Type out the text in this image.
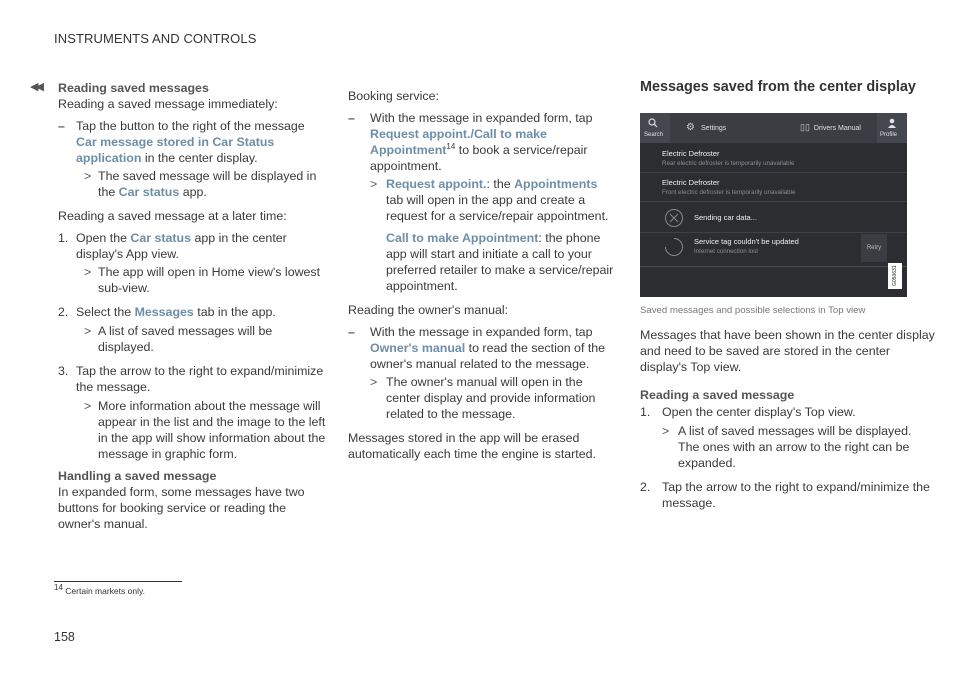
INSTRUMENTS AND CONTROLS
◀◀ Reading saved messages

Reading a saved message immediately:

– Tap the button to the right of the message Car message stored in Car Status application in the center display.
> The saved message will be displayed in the Car status app.

Reading a saved message at a later time:

1. Open the Car status app in the center display's App view.
> The app will open in Home view's lowest sub-view.
2. Select the Messages tab in the app.
> A list of saved messages will be displayed.
3. Tap the arrow to the right to expand/minimize the message.
> More information about the message will appear in the list and the image to the left in the app will show information about the message in graphic form.

Handling a saved message

In expanded form, some messages have two buttons for booking service or reading the owner's manual.

Booking service:

– With the message in expanded form, tap Request appoint./Call to make Appointment$^{14}$ to book a service/repair appointment.
> Request appoint.: the Appointments tab will open in the app and create a request for a service/repair appointment.
Call to make Appointment: the phone app will start and initiate a call to your preferred retailer to make a service/repair appointment.

Reading the owner's manual:

– With the message in expanded form, tap Owner's manual to read the section of the owner's manual related to the message.
> The owner's manual will open in the center display and provide information related to the message.

Messages stored in the app will be erased automatically each time the engine is started.

Messages saved from the center display

Search
⚙ Settings	▯▯ Drivers Manual
Profile
Electric Defroster
Rear electric defroster is temporarily unavailable
Electric Defroster
Front electric defroster is temporarily unavailable
Sending car data...
Service tag couldn't be updated
Internet connection lost	Retry
G050631

Saved messages and possible selections in Top view

Messages that have been shown in the center display and need to be saved are stored in the center display's Top view.

Reading a saved message

1. Open the center display's Top view.
> A list of saved messages will be displayed. The ones with an arrow to the right can be expanded.
2. Tap the arrow to the right to expand/minimize the message.
14 Certain markets only.
158
